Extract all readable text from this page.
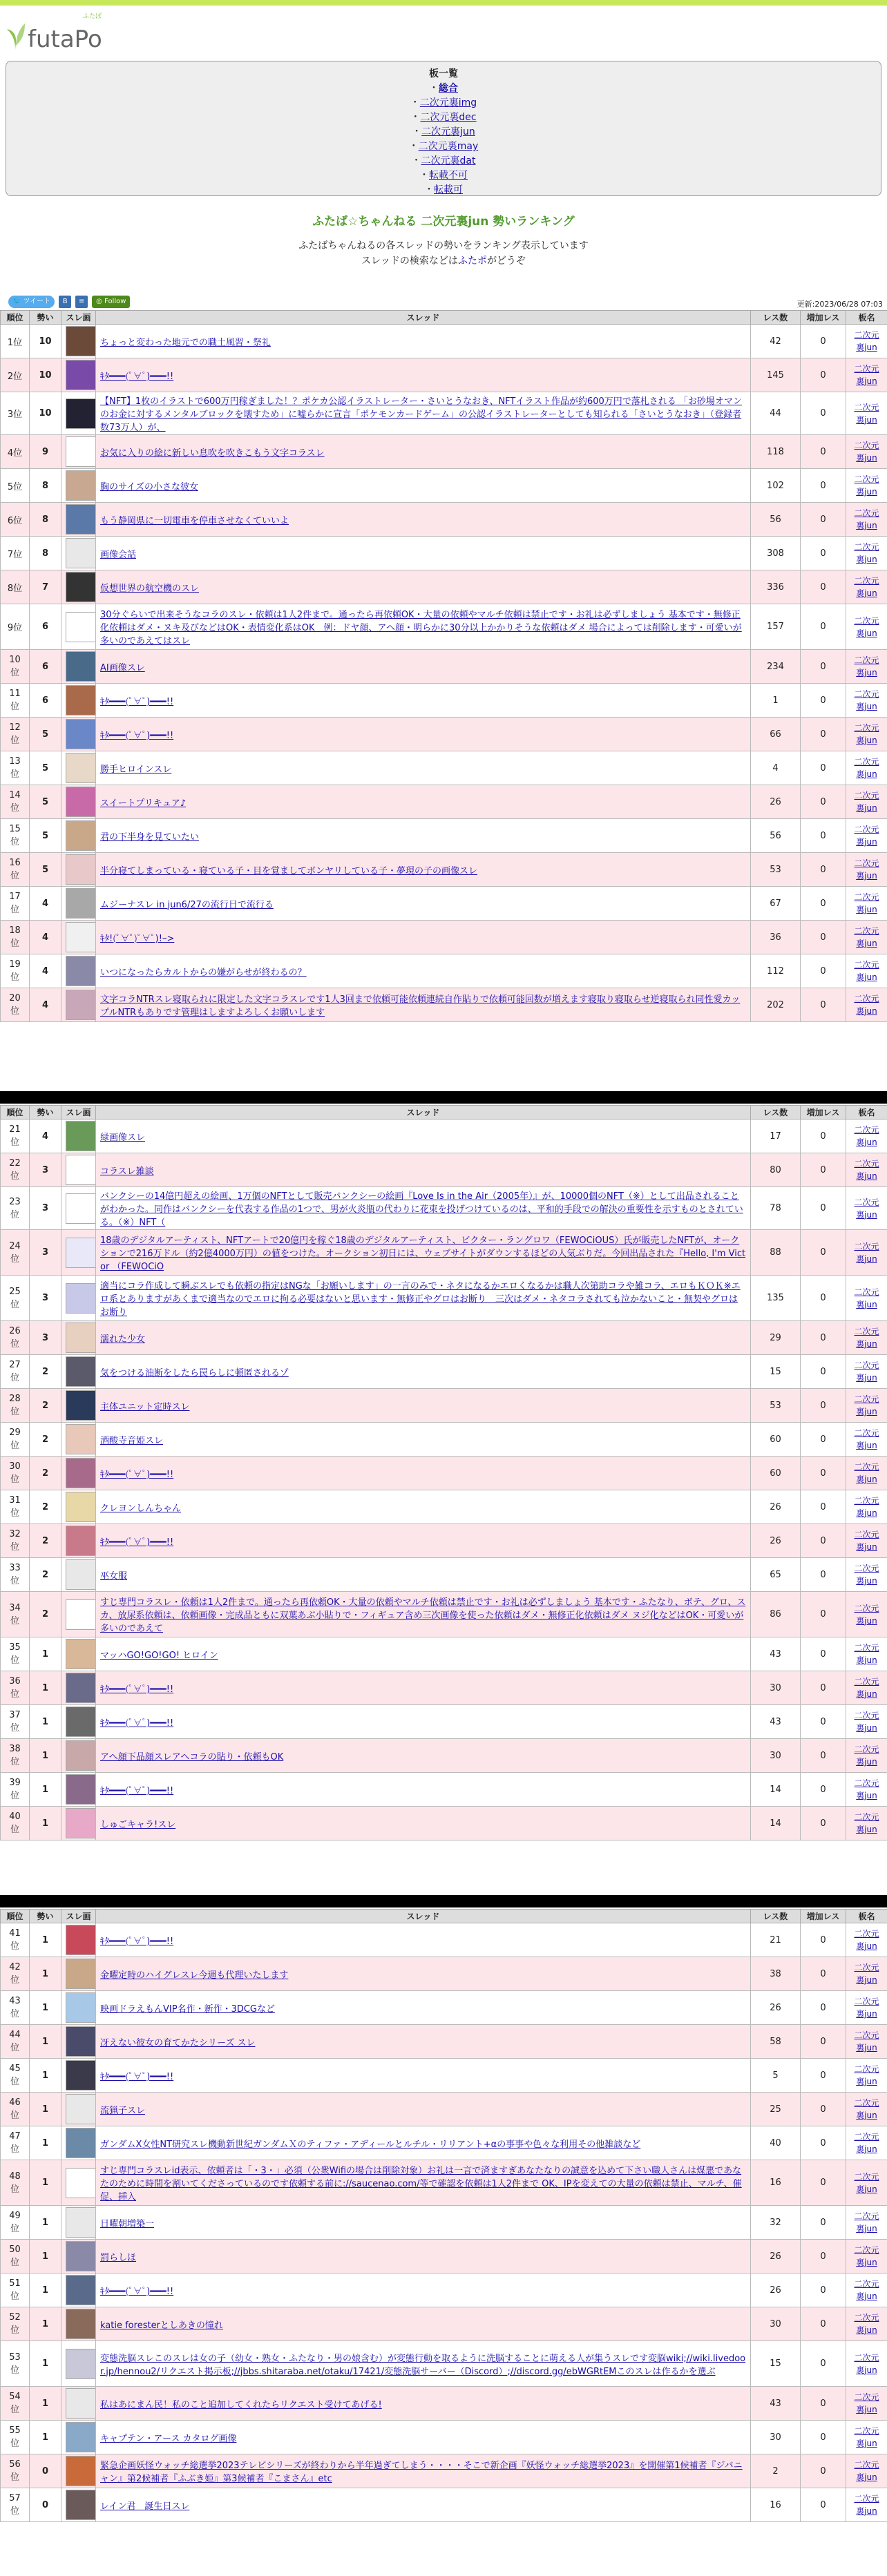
futaPo
ふたぽ
板一覧
・総合
・二次元裏img
・二次元裏dec
・二次元裏jun
・二次元裏may
・二次元裏dat
・転載不可
・転載可
ふたば☆ちゃんねる 二次元裏jun 勢いランキング
ふたばちゃんねるの各スレッドの勢いをランキング表示しています
スレッドの検索などはふたポがどうぞ
🐦 ツイート	B	≡	◎ Follow	更新:2023/06/28 07:03
順位	勢い	スレ画	スレッド	レス数	増加レス	板名
1位	10		ちょっと変わった地元での職土風習・祭礼	42	0	二次元裏jun
2位	10		ｷﾀ━━━(ﾟ∀ﾟ)━━━!!	145	0	二次元裏jun
3位	10		【NFT】1枚のイラストで600万円稼ぎました！？ポケカ公認イラストレーター・さいとうなおき、NFTイラスト作品が約600万円で落札される 「お砂場オマンのお金に対するメンタルブロックを壊すため」に嘘らかに宣言「ポケモンカードゲーム」の公認イラストレーターとしても知られる「さいとうなおき」（登録者数73万人）が、	44	0	二次元裏jun
4位	9		お気に入りの絵に新しい息吹を吹きこもう文字コラスレ	118	0	二次元裏jun
5位	8		胸のサイズの小さな彼女	102	0	二次元裏jun
6位	8		もう静岡県に一切電車を停車させなくていいよ	56	0	二次元裏jun
7位	8		画像会話	308	0	二次元裏jun
8位	7		仮想世界の航空機のスレ	336	0	二次元裏jun
9位	6		30分ぐらいで出来そうなコラのスレ・依頼は1人2件まで。通ったら再依頼OK・大量の依頼やマルチ依頼は禁止です・お礼は必ずしましょう 基本です・無修正化依頼はダメ・ヌキ及びなどはOK・表情変化系はOK　例：ドヤ顔、アヘ顔・明らかに30分以上かかりそうな依頼はダメ 場合によっては削除します・可愛いが多いのであえてはスレ	157	0	二次元裏jun
10位	6		AI画像スレ	234	0	二次元裏jun
11位	6		ｷﾀ━━━(ﾟ∀ﾟ)━━━!!	1	0	二次元裏jun
12位	5		ｷﾀ━━━(ﾟ∀ﾟ)━━━!!	66	0	二次元裏jun
13位	5		勝手ヒロインスレ	4	0	二次元裏jun
14位	5		スイートプリキュア♪	26	0	二次元裏jun
15位	5		君の下半身を見ていたい	56	0	二次元裏jun
16位	5		半分寝てしまっている・寝ている子・目を覚ましてボンヤリしている子・夢現の子の画像スレ	53	0	二次元裏jun
17位	4		ムジーナスレ in jun6/27の流行日で流行る	67	0	二次元裏jun
18位	4		ｷﾀ!(ﾟ∀ﾟ)ﾟ∀ﾟ)!ｰ>	36	0	二次元裏jun
19位	4		いつになったらカルトからの嫌がらせが終わるの？	112	0	二次元裏jun
20位	4		文字コラNTRスレ寝取られに限定した文字コラスレです1人3回まで依頼可能依頼連続自作貼りで依頼可能回数が増えます寝取り寝取らせ逆寝取られ同性愛カップルNTRもありです管理はしますよろしくお願いします	202	0	二次元裏jun
順位	勢い	スレ画	スレッド	レス数	増加レス	板名
21位	4		緑画像スレ	17	0	二次元裏jun
22位	3		コラスレ雑談	80	0	二次元裏jun
23位	3		バンクシーの14億円超えの絵画、1万個のNFTとして販売バンクシーの絵画『Love Is in the Air（2005年）』が、10000個のNFT（※）として出品されることがわかった。同作はバンクシーを代表する作品の1つで、男が火炎瓶の代わりに花束を投げつけているのは、平和的手段での解決の重要性を示すものとされている。（※）NFT（	78	0	二次元裏jun
24位	3		18歳のデジタルアーティスト、NFTアートで20億円を稼ぐ18歳のデジタルアーティスト、ビクター・ラングロワ（FEWOCiOUS）氏が販売したNFTが、オークションで216万ドル（約2億4000万円）の値をつけた。オークション初日には、ウェブサイトがダウンするほどの人気ぶりだ。今回出品された『Hello, I'm Victor （FEWOCiO	88	0	二次元裏jun
25位	3		適当にコラ作成して瞬ぶスレでも依頼の指定はNGな「お願いします」の一言のみで・ネタになるかエロくなるかは職人次第助コラや雑コラ、エロもＫＯＫ※エロ系とありますがあくまで適当なのでエロに拘る必要はないと思います・無修正やグロはお断り　三次はダメ・ネタコラされても泣かないこと・無契やグロはお断り	135	0	二次元裏jun
26位	3		濡れた少女	29	0	二次元裏jun
27位	2		気をつける油断をしたら罠らしに頓匿されるゾ	15	0	二次元裏jun
28位	2		主体ユニット定時スレ	53	0	二次元裏jun
29位	2		酒酸寺音姫スレ	60	0	二次元裏jun
30位	2		ｷﾀ━━━(ﾟ∀ﾟ)━━━!!	60	0	二次元裏jun
31位	2		クレヨンしんちゃん	26	0	二次元裏jun
32位	2		ｷﾀ━━━(ﾟ∀ﾟ)━━━!!	26	0	二次元裏jun
33位	2		巫女服	65	0	二次元裏jun
34位	2		すじ専門コラスレ・依頼は1人2件まで。通ったら再依頼OK・大量の依頼やマルチ依頼は禁止です・お礼は必ずしましょう 基本です・ふたなり、ボテ、グロ、スカ、放尿系依頼は、依頼画像・完成品ともに双葉あぶ小貼りで・フィギュア含め三次画像を使った依頼はダメ・無修正化依頼はダメ ヌジ化などはOK・可愛いが多いのであえて	86	0	二次元裏jun
35位	1		マッハGO!GO!GO! ヒロイン	43	0	二次元裏jun
36位	1		ｷﾀ━━━(ﾟ∀ﾟ)━━━!!	30	0	二次元裏jun
37位	1		ｷﾀ━━━(ﾟ∀ﾟ)━━━!!	43	0	二次元裏jun
38位	1		アへ顔下品顔スレアへコラの貼り・依頼もOK	30	0	二次元裏jun
39位	1		ｷﾀ━━━(ﾟ∀ﾟ)━━━!!	14	0	二次元裏jun
40位	1		しゅごキャラ!スレ	14	0	二次元裏jun
順位	勢い	スレ画	スレッド	レス数	増加レス	板名
41位	1		ｷﾀ━━━(ﾟ∀ﾟ)━━━!!	21	0	二次元裏jun
42位	1		金曜定時のハイグレスレ今週も代理いたします	38	0	二次元裏jun
43位	1		映画ドラえもんVIP名作・新作・3DCGなど	26	0	二次元裏jun
44位	1		冴えない彼女の育てかたシリーズ スレ	58	0	二次元裏jun
45位	1		ｷﾀ━━━(ﾟ∀ﾟ)━━━!!	5	0	二次元裏jun
46位	1		流猟子スレ	25	0	二次元裏jun
47位	1		ガンダムX女性NT研究スレ機動新世紀ガンダムＸのティファ・アディールとルチル・リリアント+αの事事や色々な利用その他雑談など	40	0	二次元裏jun
48位	1		すじ専門コラスレid表示、依頼者は「・3・」必須（公衆Wifiの場合は削除対象）お礼は一言で済ますぎあなたなりの誠意を込めて下さい職人さんは煤悪であなたのために時間を割いてくださっているのです依頼する前に://saucenao.com/等で確認を依頼は1人2件まで OK、IPを変えての大量の依頼は禁止、マルチ、催促、挿入	16	0	二次元裏jun
49位	1		日曜朝増築一	32	0	二次元裏jun
50位	1		罰らしほ	26	0	二次元裏jun
51位	1		ｷﾀ━━━(ﾟ∀ﾟ)━━━!!	26	0	二次元裏jun
52位	1		katie foresterとしあきの憧れ	30	0	二次元裏jun
53位	1		変態洗脳スレこのスレは女の子（幼女・熟女・ふたなり・男の娘含む）が変態行動を取るように洗脳することに萌える人が集うスレです変脳wiki;//wiki.livedoor.jp/hennou2/リクエスト掲示板;//jbbs.shitaraba.net/otaku/17421/変態洗脳サーバー（Discord）;//discord.gg/ebWGRtEMこのスレは作るかを選ぶ	15	0	二次元裏jun
54位	1		私はあにまん民！私のこと追加してくれたらリクエスト受けてあげる!	43	0	二次元裏jun
55位	1		キャプテン・アース カタログ画像	30	0	二次元裏jun
56位	0		緊急企画妖怪ウォッチ総選挙2023テレビシリーズが終わりから半年過ぎてしまう・・・・そこで新企画『妖怪ウォッチ総選挙2023』を開催第1候補者『ジバニャン』第2候補者『ふぶき姫』第3候補者『こまさん』etc	2	0	二次元裏jun
57位	0		レイン君　誕生日スレ	16	0	二次元裏jun
